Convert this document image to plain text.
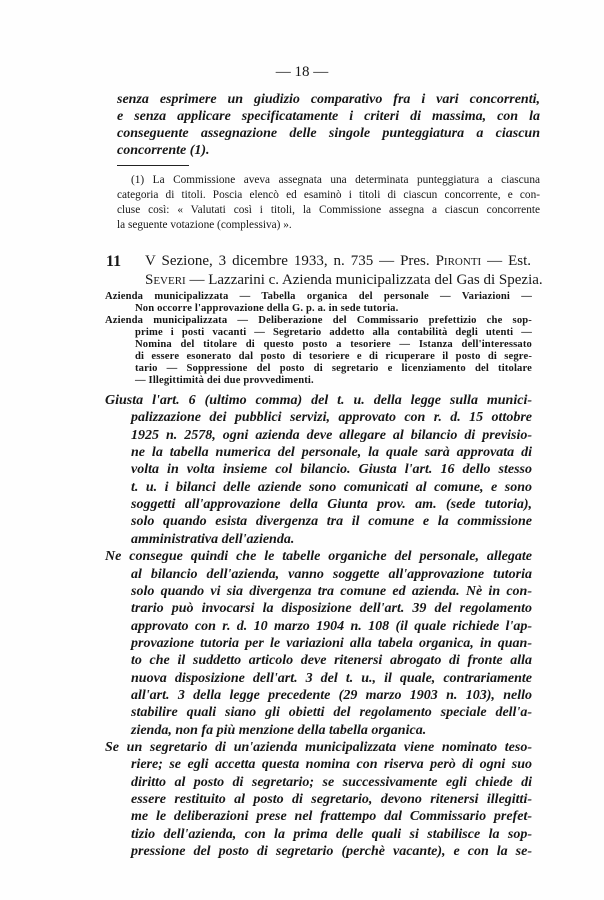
— 18 —
senza esprimere un giudizio comparativo fra i vari concorrenti,
e senza applicare specificatamente i criteri di massima, con la
conseguente assegnazione delle singole punteggiatura a ciascun
concorrente (1).
(1) La Commissione aveva assegnata una determinata punteggiatura a ciascuna
categoria di titoli. Poscia elencò ed esaminò i titoli di ciascun concorrente, e con-
cluse così: « Valutati così i titoli, la Commissione assegna a ciascun concorrente
la seguente votazione (complessiva) ».
11 V Sezione, 3 dicembre 1933, n. 735 — Pres. Pironti — Est.
Severi — Lazzarini c. Azienda municipalizzata del Gas di Spezia.
Azienda municipalizzata — Tabella organica del personale — Variazioni —
Non occorre l'approvazione della G. p. a. in sede tutoria.
Azienda municipalizzata — Deliberazione del Commissario prefettizio che sop-
prime i posti vacanti — Segretario addetto alla contabilità degli utenti —
Nomina del titolare di questo posto a tesoriere — Istanza dell'interessato
di essere esonerato dal posto di tesoriere e di ricuperare il posto di segre-
tario — Soppressione del posto di segretario e licenziamento del titolare
— Illegittimità dei due provvedimenti.
Giusta l'art. 6 (ultimo comma) del t. u. della legge sulla munici-
palizzazione dei pubblici servizi, approvato con r. d. 15 ottobre
1925 n. 2578, ogni azienda deve allegare al bilancio di previsio-
ne la tabella numerica del personale, la quale sarà approvata di
volta in volta insieme col bilancio. Giusta l'art. 16 dello stesso
t. u. i bilanci delle aziende sono comunicati al comune, e sono
soggetti all'approvazione della Giunta prov. am. (sede tutoria),
solo quando esista divergenza tra il comune e la commissione
amministrativa dell'azienda.
Ne consegue quindi che le tabelle organiche del personale, allegate
al bilancio dell'azienda, vanno soggette all'approvazione tutoria
solo quando vi sia divergenza tra comune ed azienda. Nè in con-
trario può invocarsi la disposizione dell'art. 39 del regolamento
approvato con r. d. 10 marzo 1904 n. 108 (il quale richiede l'ap-
provazione tutoria per le variazioni alla tabela organica, in quan-
to che il suddetto articolo deve ritenersi abrogato di fronte alla
nuova disposizione dell'art. 3 del t. u., il quale, contrariamente
all'art. 3 della legge precedente (29 marzo 1903 n. 103), nello
stabilire quali siano gli obietti del regolamento speciale dell'a-
zienda, non fa più menzione della tabella organica.
Se un segretario di un'azienda municipalizzata viene nominato teso-
riere; se egli accetta questa nomina con riserva però di ogni suo
diritto al posto di segretario; se successivamente egli chiede di
essere restituito al posto di segretario, devono ritenersi illegitti-
me le deliberazioni prese nel frattempo dal Commissario prefet-
tizio dell'azienda, con la prima delle quali si stabilisce la sop-
pressione del posto di segretario (perchè vacante), e con la se-
